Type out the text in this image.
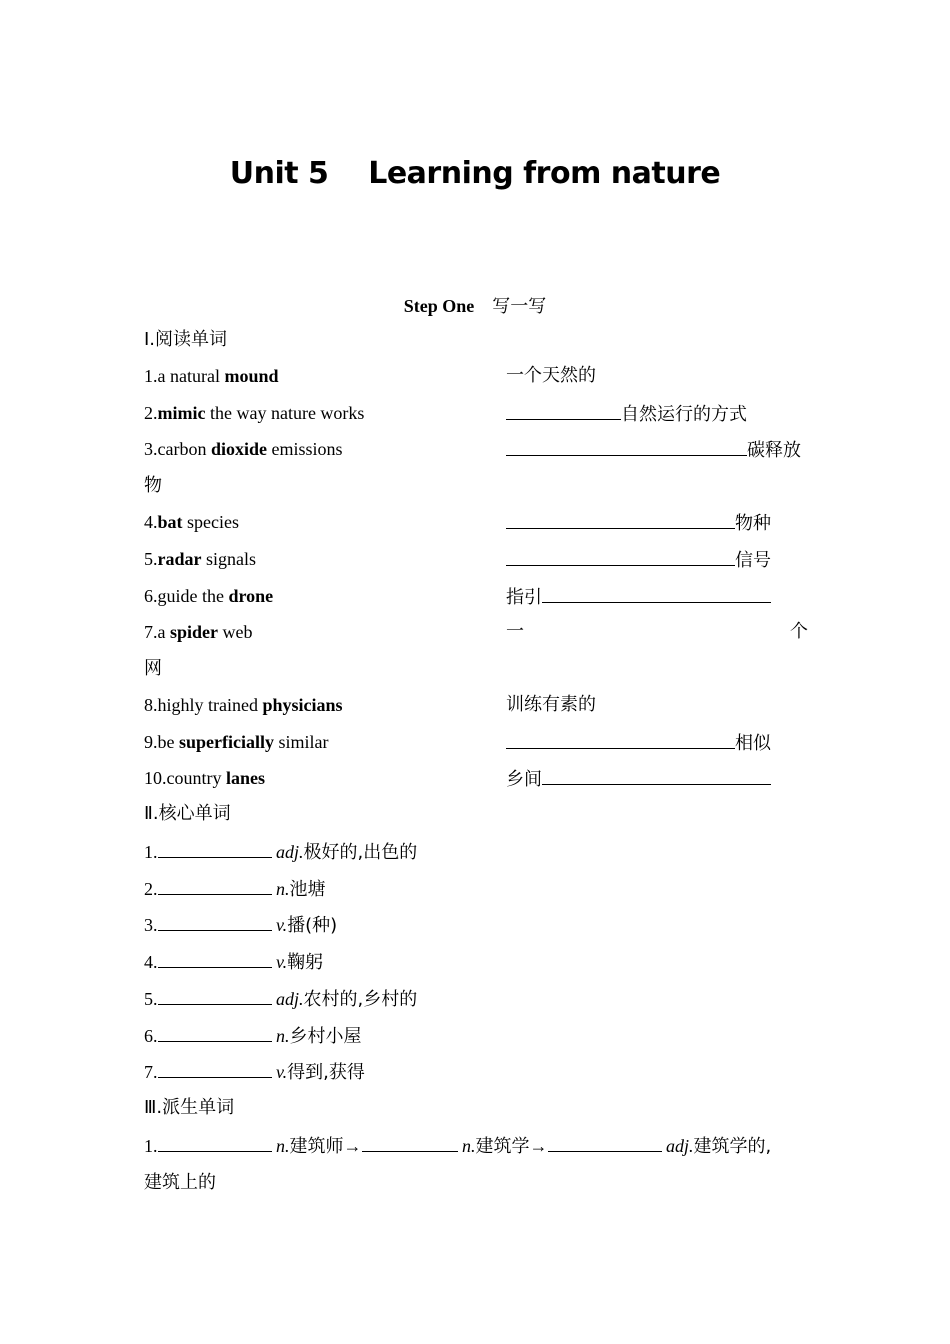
Unit 5    Learning from nature
Step One 写一写
Ⅰ.阅读单词
1.a natural mound	一个天然的
2.mimic the way nature works	自然运行的方式
3.carbon dioxide emissions	碳释放
物
4.bat species	物种
5.radar signals	信号
6.guide the drone	指引
7.a spider web	一	个
网
8.highly trained physicians	训练有素的
9.be superficially similar	相似
10.country lanes	乡间
Ⅱ.核心单词
1.	adj.极好的,出色的
2.	n.池塘
3.	v.播(种)
4.	v.鞠躬
5.	adj.农村的,乡村的
6.	n.乡村小屋
7.	v.得到,获得
Ⅲ.派生单词
1.	n.建筑师→	n.建筑学→	adj.建筑学的,
建筑上的
